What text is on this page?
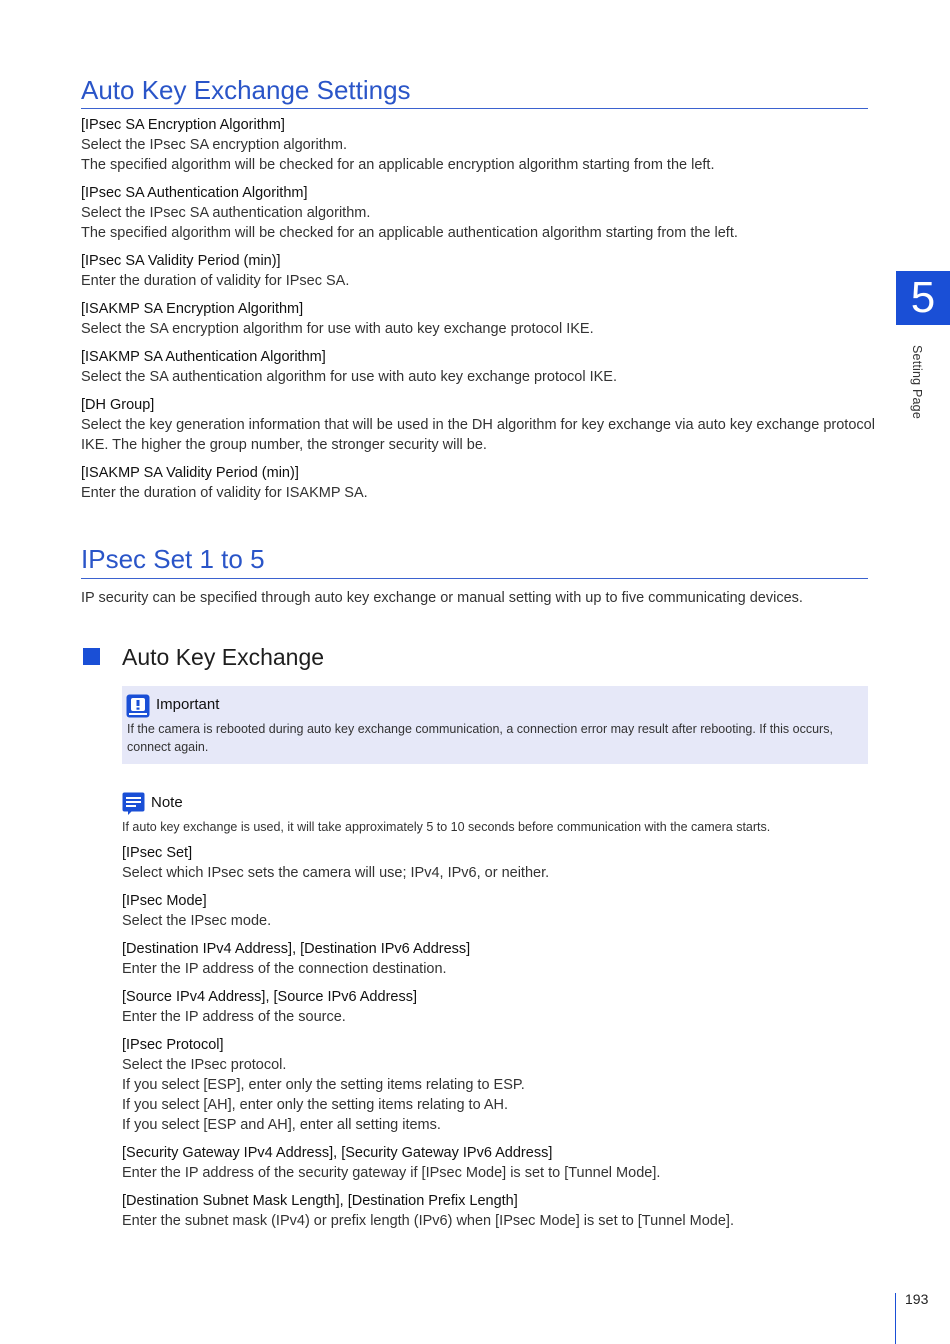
5
Setting Page
Auto Key Exchange Settings
[IPsec SA Encryption Algorithm]
Select the IPsec SA encryption algorithm.
The specified algorithm will be checked for an applicable encryption algorithm starting from the left.
[IPsec SA Authentication Algorithm]
Select the IPsec SA authentication algorithm.
The specified algorithm will be checked for an applicable authentication algorithm starting from the left.
[IPsec SA Validity Period (min)]
Enter the duration of validity for IPsec SA.
[ISAKMP SA Encryption Algorithm]
Select the SA encryption algorithm for use with auto key exchange protocol IKE.
[ISAKMP SA Authentication Algorithm]
Select the SA authentication algorithm for use with auto key exchange protocol IKE.
[DH Group]
Select the key generation information that will be used in the DH algorithm for key exchange via auto key exchange protocol
IKE. The higher the group number, the stronger security will be.
[ISAKMP SA Validity Period (min)]
Enter the duration of validity for ISAKMP SA.
IPsec Set 1 to 5
IP security can be specified through auto key exchange or manual setting with up to five communicating devices.
Auto Key Exchange
Important
If the camera is rebooted during auto key exchange communication, a connection error may result after rebooting. If this occurs, connect again.
Note
If auto key exchange is used, it will take approximately 5 to 10 seconds before communication with the camera starts.
[IPsec Set]
Select which IPsec sets the camera will use; IPv4, IPv6, or neither.
[IPsec Mode]
Select the IPsec mode.
[Destination IPv4 Address], [Destination IPv6 Address]
Enter the IP address of the connection destination.
[Source IPv4 Address], [Source IPv6 Address]
Enter the IP address of the source.
[IPsec Protocol]
Select the IPsec protocol.
If you select [ESP], enter only the setting items relating to ESP.
If you select [AH], enter only the setting items relating to AH.
If you select [ESP and AH], enter all setting items.
[Security Gateway IPv4 Address], [Security Gateway IPv6 Address]
Enter the IP address of the security gateway if [IPsec Mode] is set to [Tunnel Mode].
[Destination Subnet Mask Length], [Destination Prefix Length]
Enter the subnet mask (IPv4) or prefix length (IPv6) when [IPsec Mode] is set to [Tunnel Mode].
193
